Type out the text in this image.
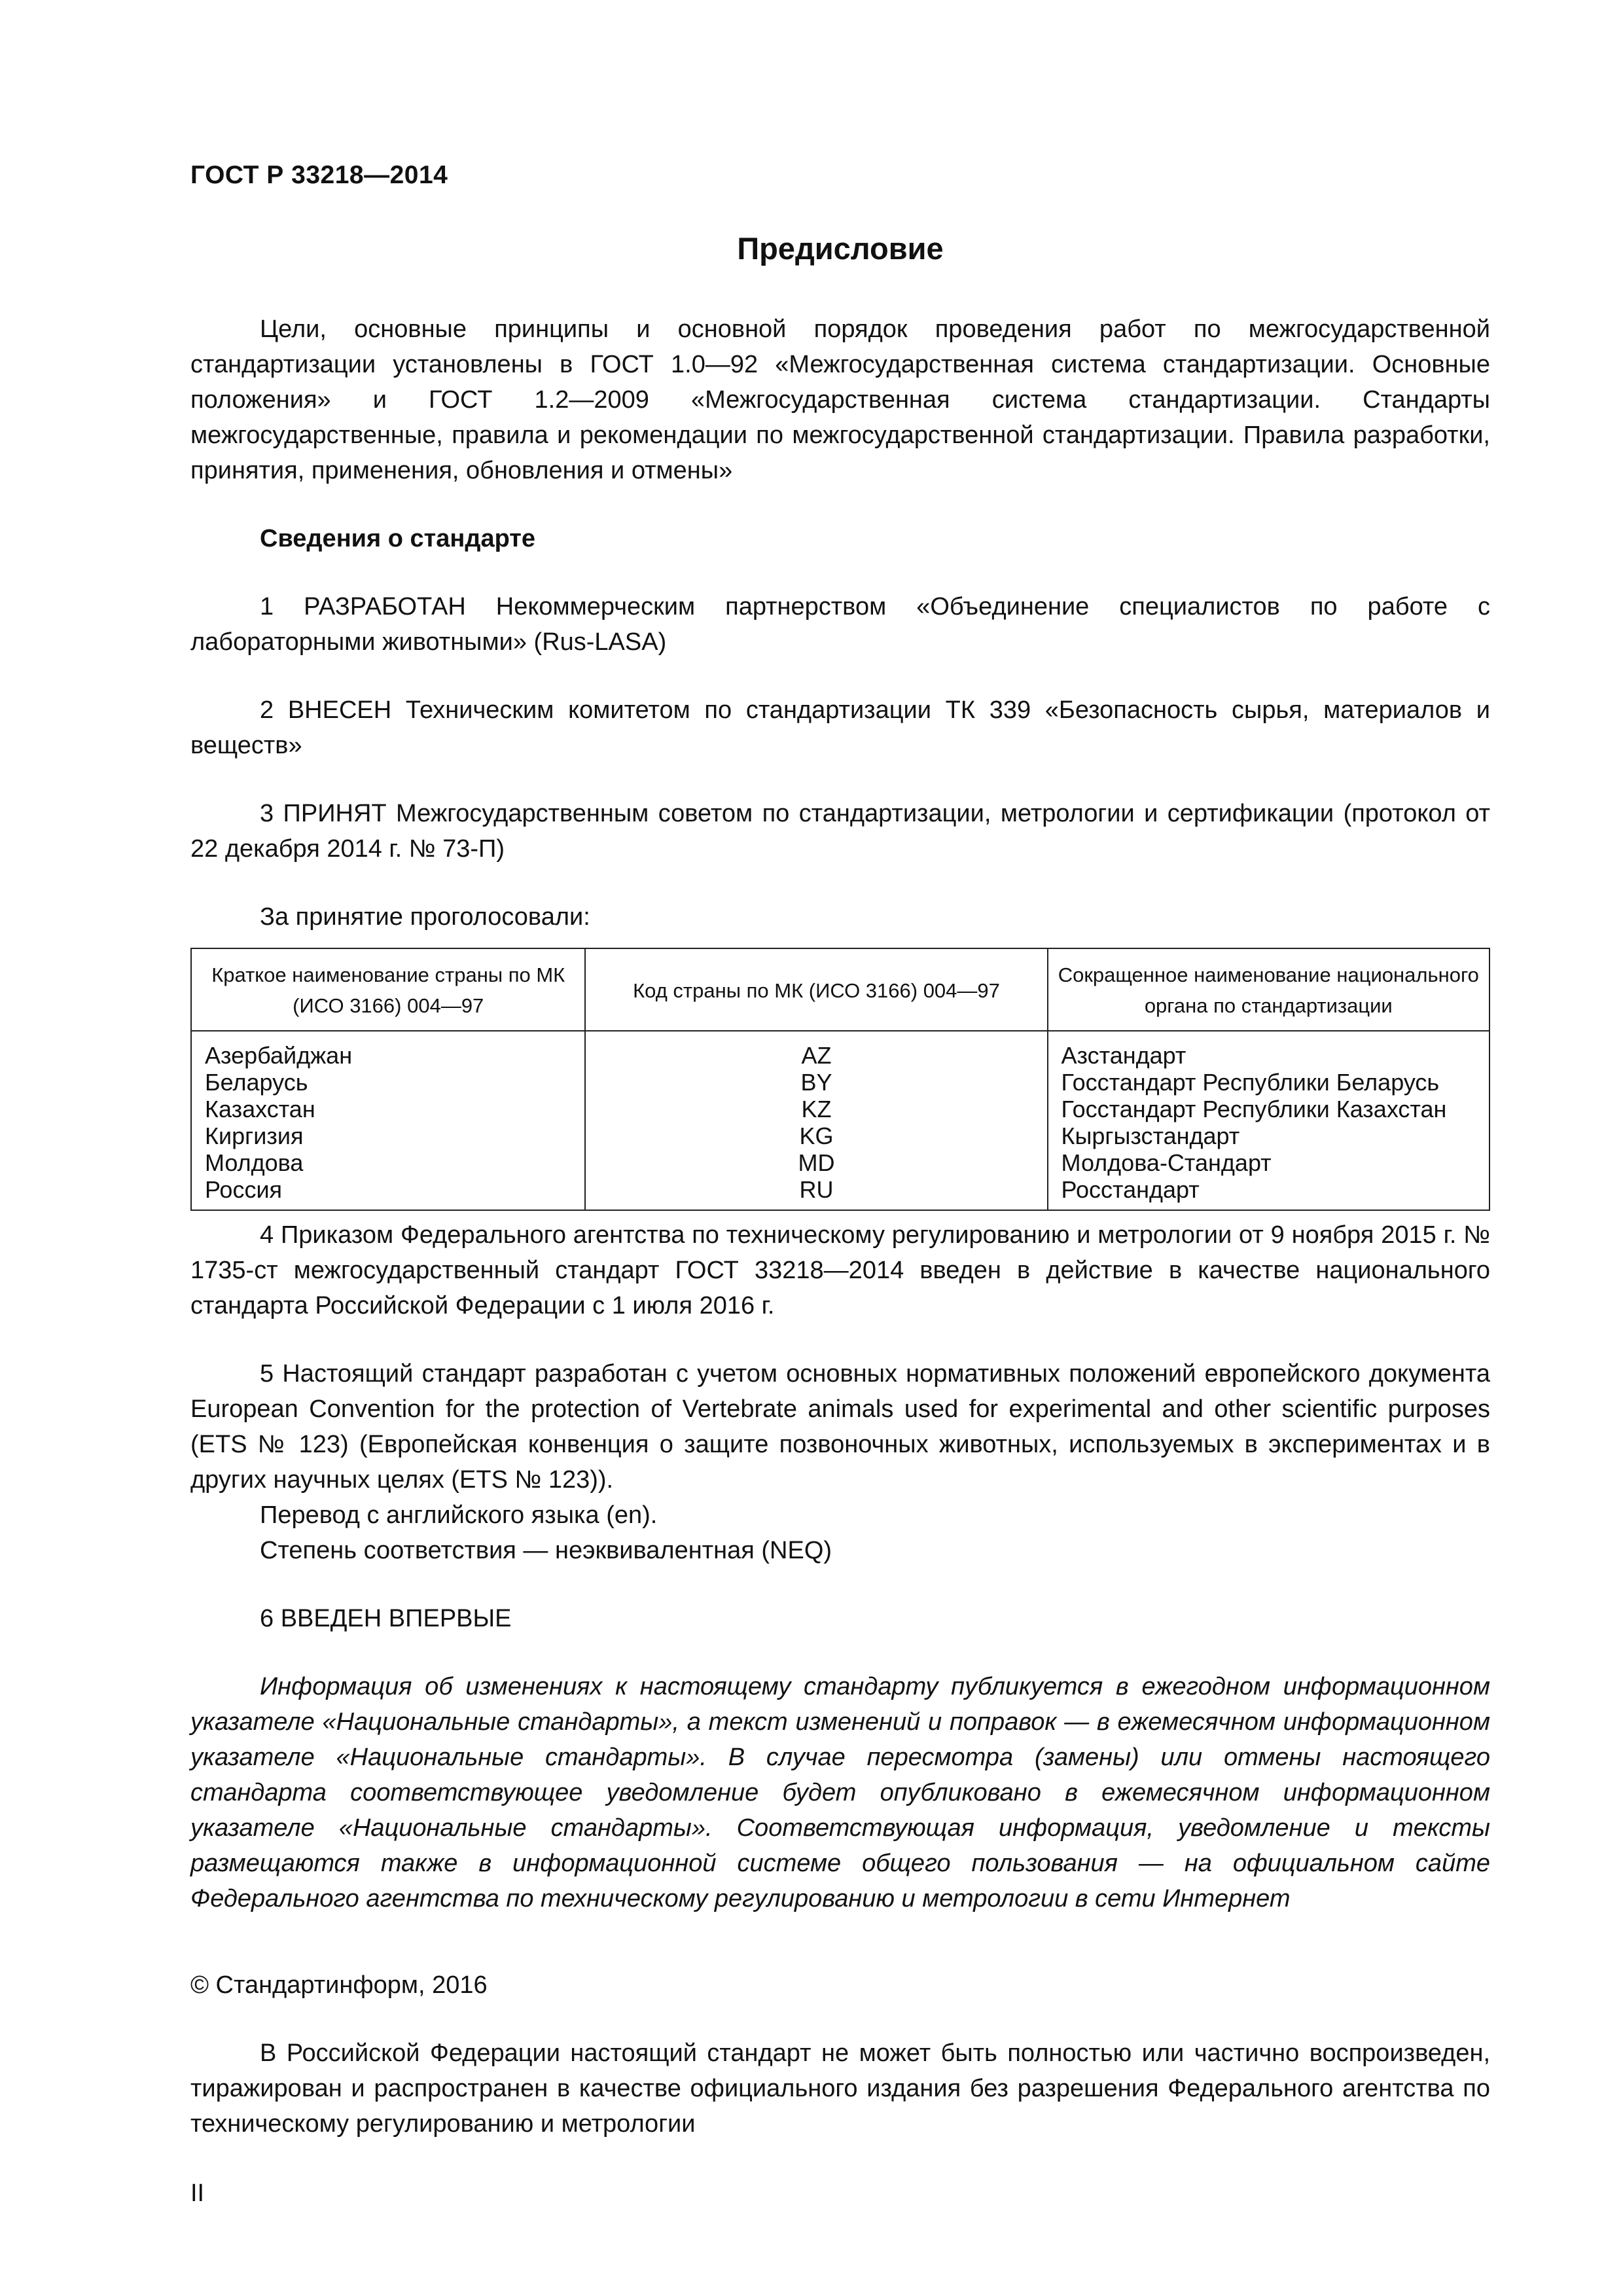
ГОСТ Р 33218—2014
Предисловие

Цели, основные принципы и основной порядок проведения работ по межгосударственной стандартизации установлены в ГОСТ 1.0—92 «Межгосударственная система стандартизации. Основные положения» и ГОСТ 1.2—2009 «Межгосударственная система стандартизации. Стандарты межгосударственные, правила и рекомендации по межгосударственной стандартизации. Правила разработки, принятия, применения, обновления и отмены»

Сведения о стандарте

1 РАЗРАБОТАН Некоммерческим партнерством «Объединение специалистов по работе с лабораторными животными» (Rus-LASA)

2 ВНЕСЕН Техническим комитетом по стандартизации ТК 339 «Безопасность сырья, материалов и веществ»

3 ПРИНЯТ Межгосударственным советом по стандартизации, метрологии и сертификации (протокол от 22 декабря 2014 г. № 73-П)

За принятие проголосовали:

Краткое наименование страны по МК (ИСО 3166) 004—97	Код страны по МК (ИСО 3166) 004—97	Сокращенное наименование национального органа по стандартизации
Азербайджан	AZ	Азстандарт
Беларусь	BY	Госстандарт Республики Беларусь
Казахстан	KZ	Госстандарт Республики Казахстан
Киргизия	KG	Кыргызстандарт
Молдова	MD	Молдова-Стандарт
Россия	RU	Росстандарт

4 Приказом Федерального агентства по техническому регулированию и метрологии от 9 ноября 2015 г. № 1735-ст межгосударственный стандарт ГОСТ 33218—2014 введен в действие в качестве национального стандарта Российской Федерации с 1 июля 2016 г.

5 Настоящий стандарт разработан с учетом основных нормативных положений европейского документа European Convention for the protection of Vertebrate animals used for experimental and other scientific purposes (ETS № 123) (Европейская конвенция о защите позвоночных животных, используемых в экспериментах и в других научных целях (ETS № 123)).

Перевод с английского языка (en).

Степень соответствия — неэквивалентная (NEQ)

6 ВВЕДЕН ВПЕРВЫЕ

Информация об изменениях к настоящему стандарту публикуется в ежегодном информационном указателе «Национальные стандарты», а текст изменений и поправок — в ежемесячном информационном указателе «Национальные стандарты». В случае пересмотра (замены) или отмены настоящего стандарта соответствующее уведомление будет опубликовано в ежемесячном информационном указателе «Национальные стандарты». Соответствующая информация, уведомление и тексты размещаются также в информационной системе общего пользования — на официальном сайте Федерального агентства по техническому регулированию и метрологии в сети Интернет

© Стандартинформ, 2016

В Российской Федерации настоящий стандарт не может быть полностью или частично воспроизведен, тиражирован и распространен в качестве официального издания без разрешения Федерального агентства по техническому регулированию и метрологии

II
